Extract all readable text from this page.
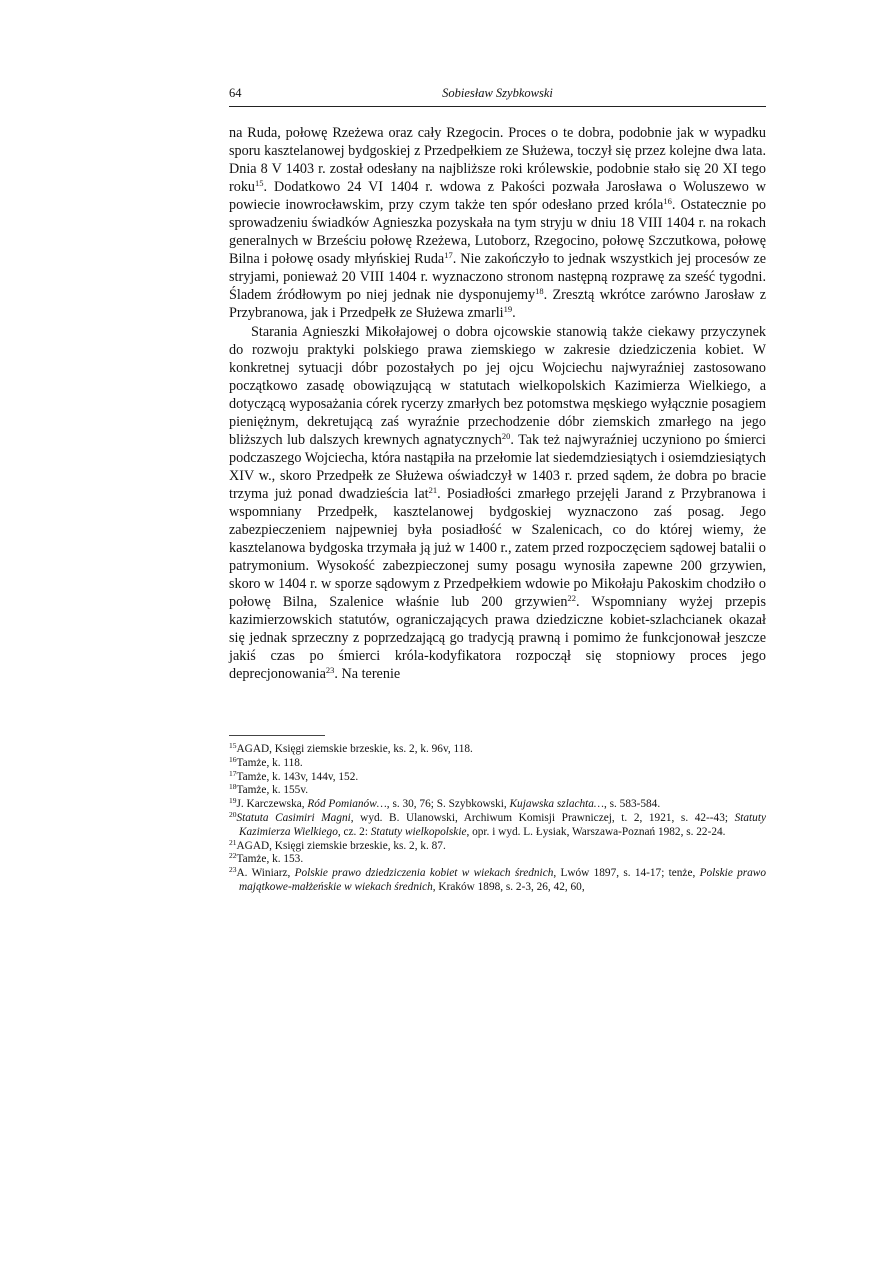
64	Sobiesław Szybkowski

na Ruda, połowę Rzeżewa oraz cały Rzegocin. Proces o te dobra, podobnie jak w wypadku sporu kasztelanowej bydgoskiej z Przedpełkiem ze Służewa, toczył się przez kolejne dwa lata. Dnia 8 V 1403 r. został odesłany na najbliższe roki królewskie, podobnie stało się 20 XI tego roku$^{15}$. Dodatkowo 24 VI 1404 r. wdowa z Pakości pozwała Jarosława o Woluszewo w powiecie inowrocławskim, przy czym także ten spór odesłano przed króla$^{16}$. Ostatecznie po sprowadzeniu świadków Agnieszka pozyskała na tym stryju w dniu 18 VIII 1404 r. na rokach generalnych w Brześciu połowę Rzeżewa, Lutoborz, Rzegocino, połowę Szczutkowa, połowę Bilna i połowę osady młyńskiej Ruda$^{17}$. Nie zakończyło to jednak wszystkich jej procesów ze stryjami, ponieważ 20 VIII 1404 r. wyznaczono stronom następną rozprawę za sześć tygodni. Śladem źródłowym po niej jednak nie dysponujemy$^{18}$. Zresztą wkrótce zarówno Jarosław z Przybranowa, jak i Przedpełk ze Służewa zmarli$^{19}$.

Starania Agnieszki Mikołajowej o dobra ojcowskie stanowią także ciekawy przyczynek do rozwoju praktyki polskiego prawa ziemskiego w zakresie dziedziczenia kobiet. W konkretnej sytuacji dóbr pozostałych po jej ojcu Wojciechu najwyraźniej zastosowano początkowo zasadę obowiązującą w statutach wielkopolskich Kazimierza Wielkiego, a dotyczącą wyposażania córek rycerzy zmarłych bez potomstwa męskiego wyłącznie posagiem pieniężnym, dekretującą zaś wyraźnie przechodzenie dóbr ziemskich zmarłego na jego bliższych lub dalszych krewnych agnatycznych$^{20}$. Tak też najwyraźniej uczyniono po śmierci podczaszego Wojciecha, która nastąpiła na przełomie lat siedemdziesiątych i osiemdziesiątych XIV w., skoro Przedpełk ze Służewa oświadczył w 1403 r. przed sądem, że dobra po bracie trzyma już ponad dwadzieścia lat$^{21}$. Posiadłości zmarłego przejęli Jarand z Przybranowa i wspomniany Przedpełk, kasztelanowej bydgoskiej wyznaczono zaś posag. Jego zabezpieczeniem najpewniej była posiadłość w Szalenicach, co do której wiemy, że kasztelanowa bydgoska trzymała ją już w 1400 r., zatem przed rozpoczęciem sądowej batalii o patrymonium. Wysokość zabezpieczonej sumy posagu wynosiła zapewne 200 grzywien, skoro w 1404 r. w sporze sądowym z Przedpełkiem wdowie po Mikołaju Pakoskim chodziło o połowę Bilna, Szalenice właśnie lub 200 grzywien$^{22}$. Wspomniany wyżej przepis kazimierzowskich statutów, ograniczających prawa dziedziczne kobiet-szlachcianek okazał się jednak sprzeczny z poprzedzającą go tradycją prawną i pomimo że funkcjonował jeszcze jakiś czas po śmierci króla-kodyfikatora rozpoczął się stopniowy proces jego deprecjonowania$^{23}$. Na terenie

$^{15}$AGAD, Księgi ziemskie brzeskie, ks. 2, k. 96v, 118.

$^{16}$Tamże, k. 118.

$^{17}$Tamże, k. 143v, 144v, 152.

$^{18}$Tamże, k. 155v.

$^{19}$J. Karczewska, Ród Pomianów…, s. 30, 76; S. Szybkowski, Kujawska szlachta…, s. 583-584.

$^{20}$Statuta Casimiri Magni, wyd. B. Ulanowski, Archiwum Komisji Prawniczej, t. 2, 1921, s. 42--43; Statuty Kazimierza Wielkiego, cz. 2: Statuty wielkopolskie, opr. i wyd. L. Łysiak, Warszawa-Poznań 1982, s. 22-24.

$^{21}$AGAD, Księgi ziemskie brzeskie, ks. 2, k. 87.

$^{22}$Tamże, k. 153.

$^{23}$A. Winiarz, Polskie prawo dziedziczenia kobiet w wiekach średnich, Lwów 1897, s. 14-17; tenże, Polskie prawo majątkowe-małżeńskie w wiekach średnich, Kraków 1898, s. 2-3, 26, 42, 60,
